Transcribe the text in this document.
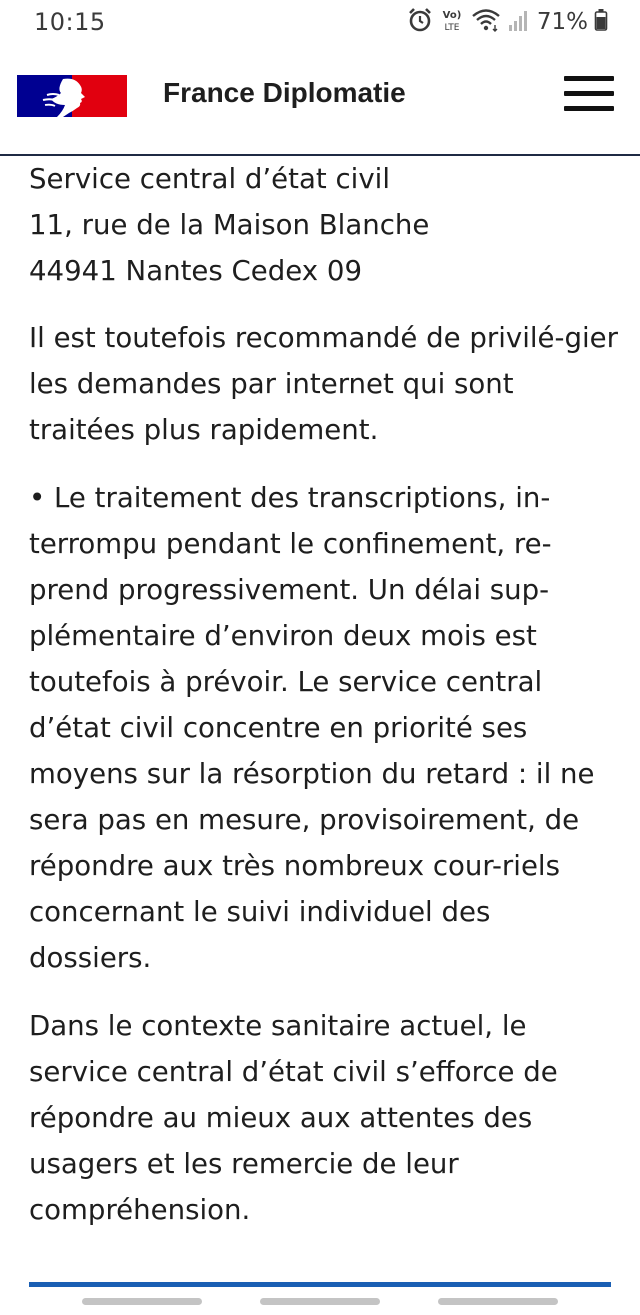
10:15	Vo)
LTE	71%
France Diplomatie

Service central d’état civil
11, rue de la Maison Blanche
44941 Nantes Cedex 09

Il est toutefois recommandé de privilé-gier les demandes par internet qui sont traitées plus rapidement.

• Le traitement des transcriptions, in-terrompu pendant le confinement, re-prend progressivement. Un délai sup-plémentaire d’environ deux mois est toutefois à prévoir. Le service central d’état civil concentre en priorité ses moyens sur la résorption du retard : il ne sera pas en mesure, provisoirement, de répondre aux très nombreux cour-riels concernant le suivi individuel des dossiers.

Dans le contexte sanitaire actuel, le service central d’état civil s’efforce de répondre au mieux aux attentes des usagers et les remercie de leur compréhension.
